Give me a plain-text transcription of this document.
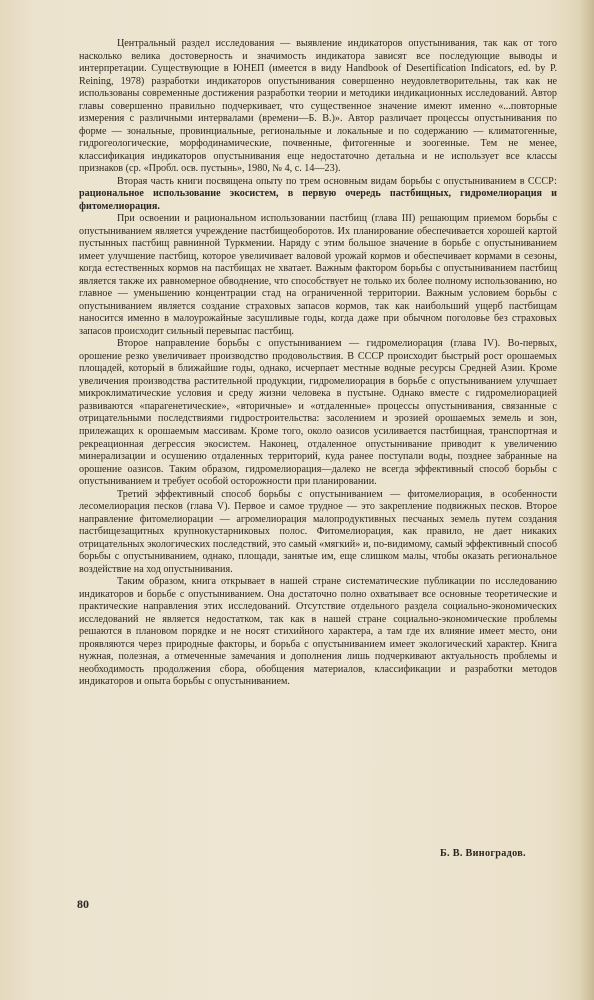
Центральный раздел исследования — выявление индикаторов опустынивания, так как от того насколько велика достоверность и значимость индикатора зависят все последующие выводы и интерпретации. Существующие в ЮНЕП (имеется в виду Handbook of Desertification Indicators, ed. by P. Reining, 1978) разработки индикаторов опустынивания совершенно неудовлетворительны, так как не использованы современные достижения разработки теории и методики индикационных исследований. Автор главы совершенно правильно подчеркивает, что существенное значение имеют именно «...повторные измерения с различными интервалами (времени—Б. В.)». Автор различает процессы опустынивания по форме — зональные, провинциальные, региональные и локальные и по содержанию — климатогенные, гидрогеологические, морфодинамические, почвенные, фитогенные и зоогенные. Тем не менее, классификация индикаторов опустынивания еще недостаточно детальна и не использует все классы признаков (ср. «Пробл. осв. пустынь», 1980, № 4, с. 14—23).

Вторая часть книги посвящена опыту по трем основным видам борьбы с опустыниванием в СССР: рациональное использование экосистем, в первую очередь пастбищных, гидромелиорация и фитомелиорация.

При освоении и рациональном использовании пастбищ (глава III) решающим приемом борьбы с опустыниванием является учреждение пастбищеоборотов. Их планирование обеспечивается хорошей картой пустынных пастбищ равнинной Туркмении. Наряду с этим большое значение в борьбе с опустыниванием имеет улучшение пастбищ, которое увеличивает валовой урожай кормов и обеспечивает кормами в сезоны, когда естественных кормов на пастбищах не хватает. Важным фактором борьбы с опустыниванием пастбищ является также их равномерное обводнение, что способствует не только их более полному использованию, но главное — уменьшению концентрации стад на ограниченной территории. Важным условием борьбы с опустыниванием является создание страховых запасов кормов, так как наибольший ущерб пастбищам наносится именно в малоурожайные засушливые годы, когда даже при обычном поголовье без страховых запасов происходит сильный перевыпас пастбищ.

Второе направление борьбы с опустыниванием — гидромелиорация (глава IV). Во-первых, орошение резко увеличивает производство продовольствия. В СССР происходит быстрый рост орошаемых площадей, который в ближайшие годы, однако, исчерпает местные водные ресурсы Средней Азии. Кроме увеличения производства растительной продукции, гидромелиорация в борьбе с опустыниванием улучшает микроклиматические условия и среду жизни человека в пустыне. Однако вместе с гидромелиорацией развиваются «парагенетические», «вторичные» и «отдаленные» процессы опустынивания, связанные с отрицательными последствиями гидростроительства: засолением и эрозией орошаемых земель и зон, прилежащих к орошаемым массивам. Кроме того, около оазисов усиливается пастбищная, транспортная и рекреационная дегрессия экосистем. Наконец, отдаленное опустынивание приводит к увеличению минерализации и осушению отдаленных территорий, куда ранее поступали воды, позднее забранные на орошение оазисов. Таким образом, гидромелиорация—далеко не всегда эффективный способ борьбы с опустыниванием и требует особой осторожности при планировании.

Третий эффективный способ борьбы с опустыниванием — фитомелиорация, в особенности лесомелиорация песков (глава V). Первое и самое трудное — это закрепление подвижных песков. Второе направление фитомелиорации — агромелиорация малопродуктивных песчаных земель путем создания пастбищезащитных крупнокустарниковых полос. Фитомелиорация, как правило, не дает никаких отрицательных экологических последствий, это самый «мягкий» и, по-видимому, самый эффективный способ борьбы с опустыниванием, однако, площади, занятые им, еще слишком малы, чтобы оказать региональное воздействие на ход опустынивания.

Таким образом, книга открывает в нашей стране систематические публикации по исследованию индикаторов и борьбе с опустыниванием. Она достаточно полно охватывает все основные теоретические и практические направления этих исследований. Отсутствие отдельного раздела социально-экономических исследований не является недостатком, так как в нашей стране социально-экономические проблемы решаются в плановом порядке и не носят стихийного характера, а там где их влияние имеет место, они проявляются через природные факторы, и борьба с опустыниванием имеет экологический характер. Книга нужная, полезная, а отмеченные замечания и дополнения лишь подчеркивают актуальность проблемы и необходимость продолжения сбора, обобщения материалов, классификации и разработки методов индикаторов и опыта борьбы с опустыниванием.

Б. В. Виноградов.
80
